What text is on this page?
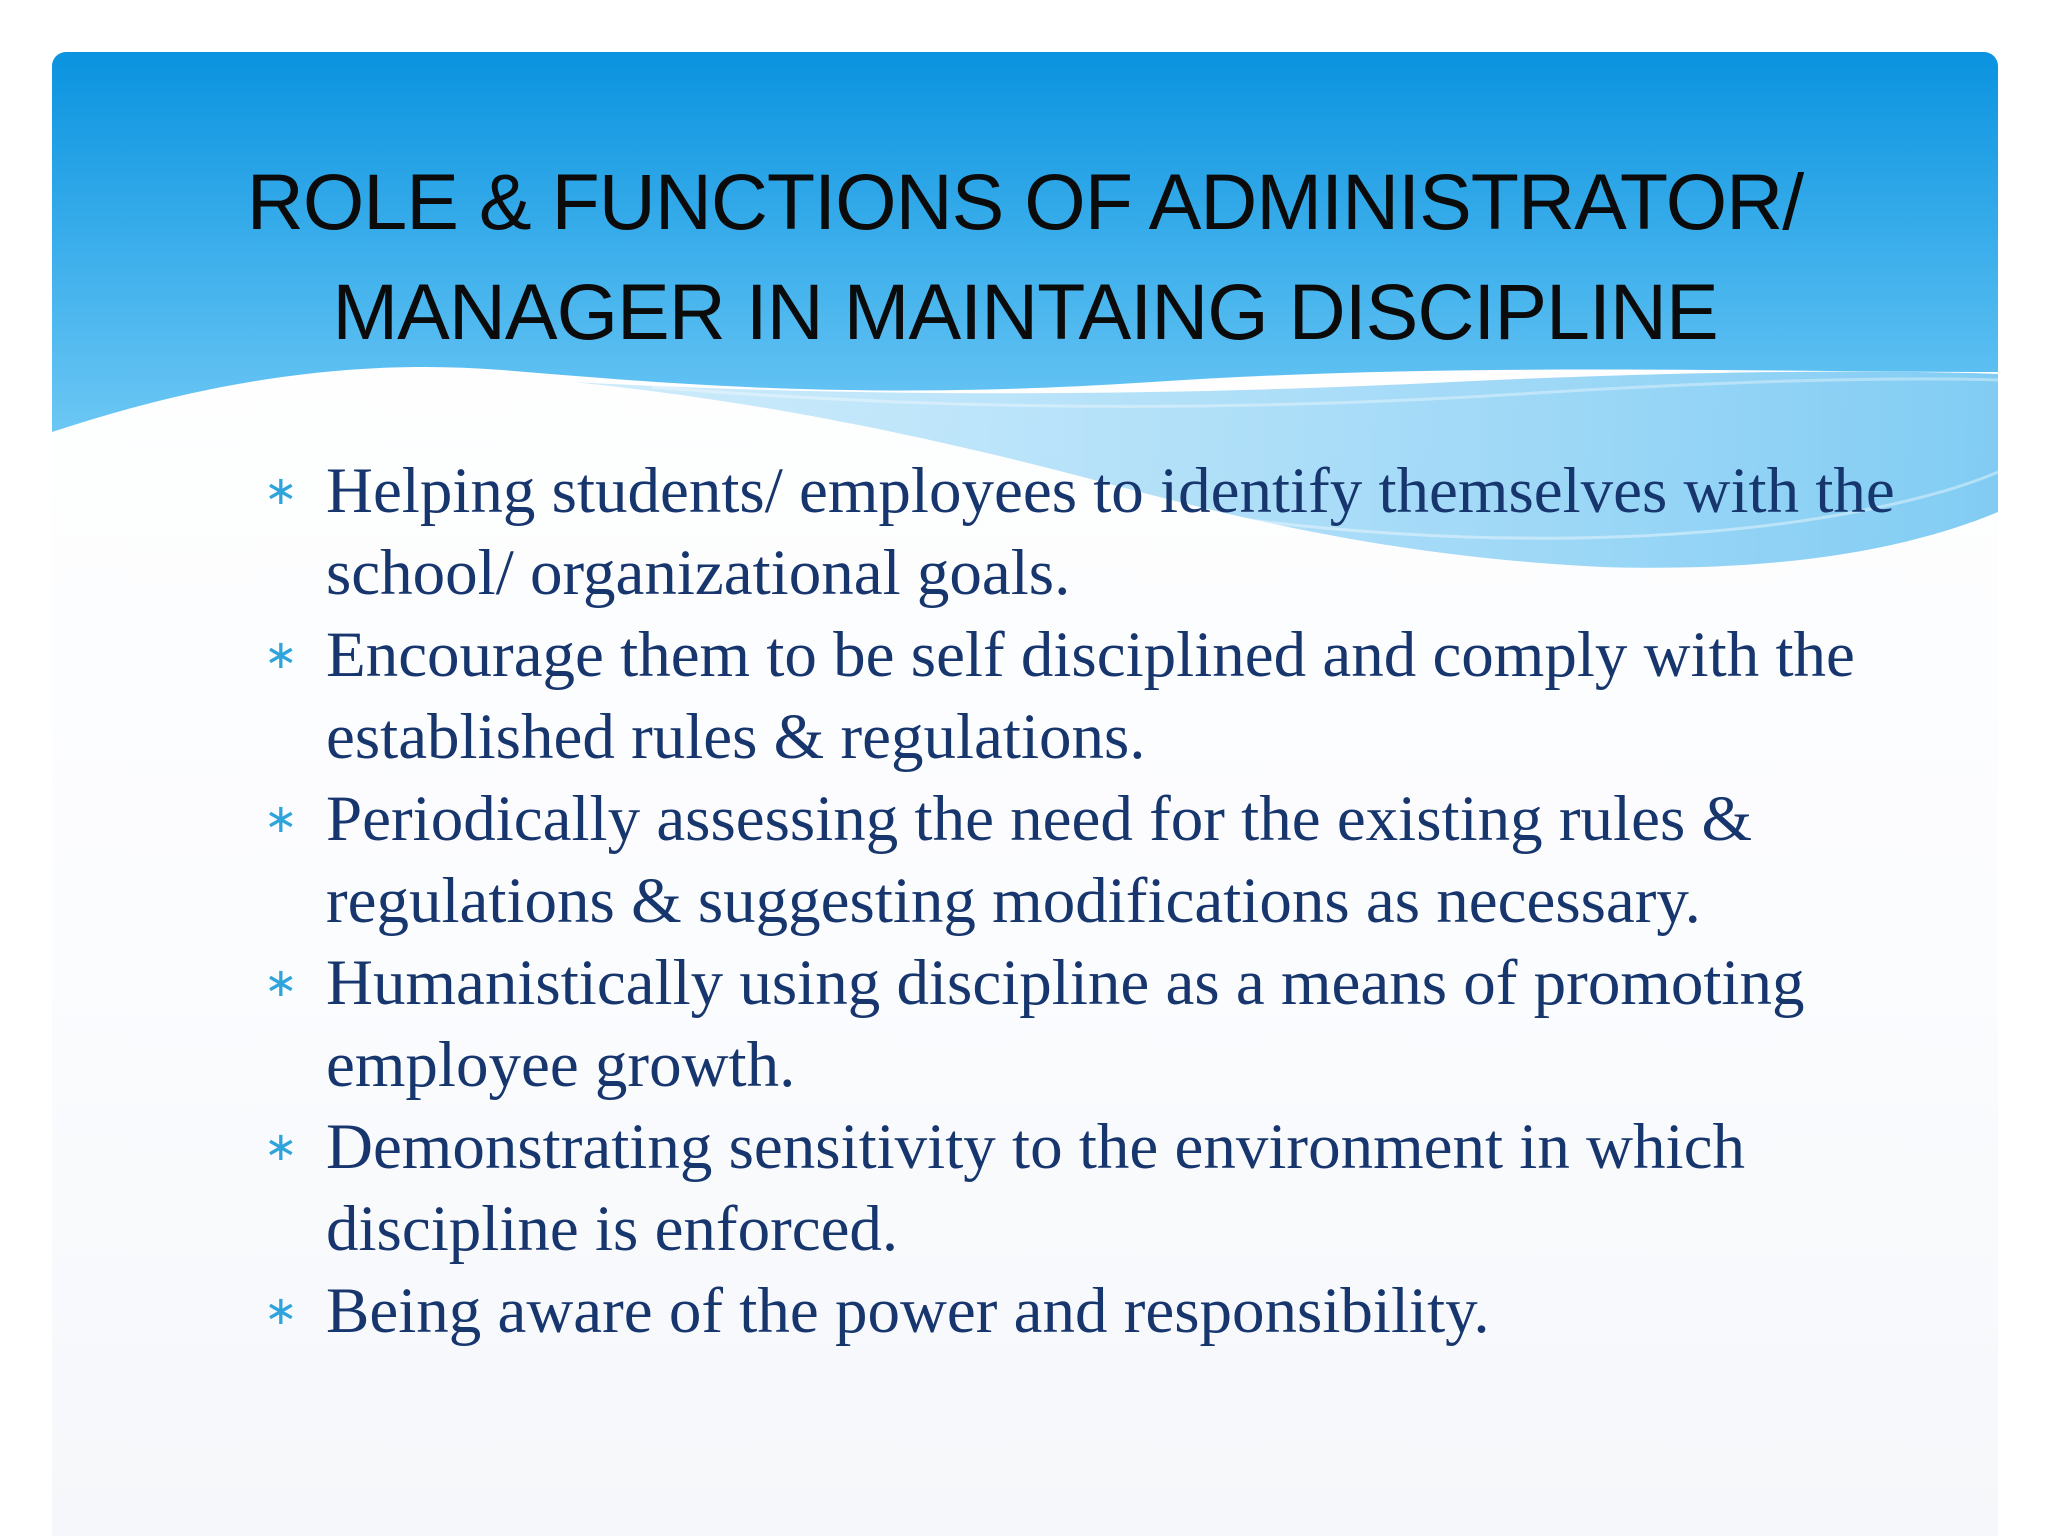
ROLE & FUNCTIONS OF ADMINISTRATOR/
MANAGER IN MAINTAING DISCIPLINE
∗ Helping students/ employees to identify themselves with the school/ organizational goals.
∗ Encourage them to be self disciplined and comply with the established rules & regulations.
∗ Periodically assessing the need for the existing rules & regulations & suggesting modifications as necessary.
∗ Humanistically using discipline as a means of promoting employee growth.
∗ Demonstrating sensitivity to the environment in which discipline is enforced.
∗ Being aware of the power and responsibility.
